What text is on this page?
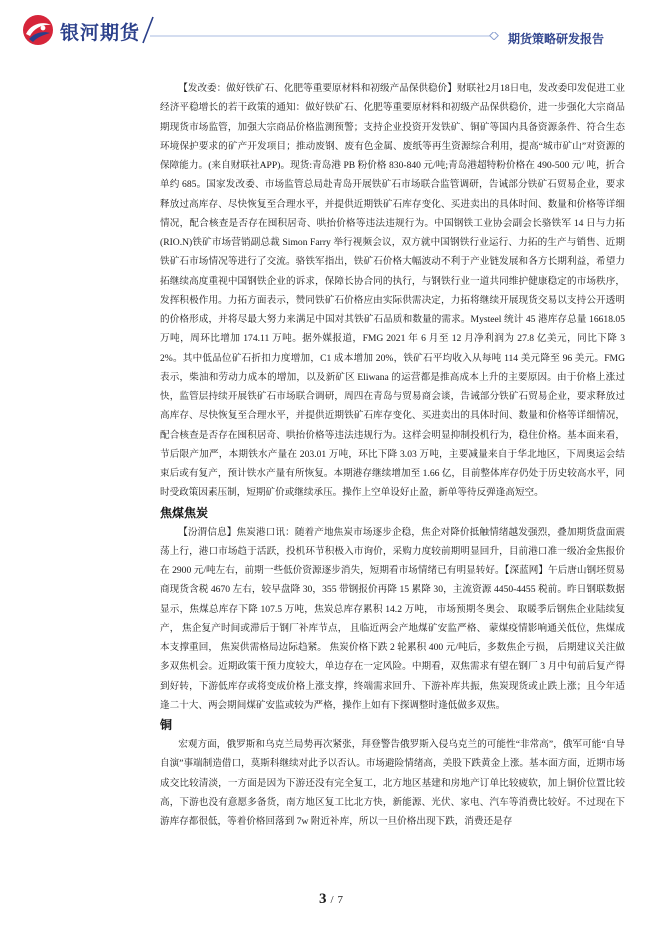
银河期货	期货策略研发报告

【发改委：做好铁矿石、化肥等重要原材料和初级产品保供稳价】财联社2月18日电，发改委印发促进工业经济平稳增长的若干政策的通知：做好铁矿石、化肥等重要原材料和初级产品保供稳价，进一步强化大宗商品期现货市场监管，加强大宗商品价格监测预警；支持企业投资开发铁矿、铜矿等国内具备资源条件、符合生态环境保护要求的矿产开发项目；推动废钢、废有色金属、废纸等再生资源综合利用，提高“城市矿山”对资源的保障能力。(来自财联社APP)。现货:青岛港 PB 粉价格 830-840 元/吨;青岛港超特粉价格在 490-500 元/ 吨，折合单约 685。国家发改委、市场监管总局赴青岛开展铁矿石市场联合监管调研，告诫部分铁矿石贸易企业，要求释放过高库存、尽快恢复至合理水平，并提供近期铁矿石库存变化、买进卖出的具体时间、数量和价格等详细情况，配合核查是否存在囤积居奇、哄抬价格等违法违规行为。中国钢铁工业协会副会长骆铁军 14 日与力拓(RIO.N)铁矿市场营销副总裁 Simon Farry 举行视频会议，双方就中国钢铁行业运行、力拓的生产与销售、近期铁矿石市场情况等进行了交流。骆铁军指出，铁矿石价格大幅波动不利于产业链发展和各方长期利益，希望力拓继续高度重视中国钢铁企业的诉求，保障长协合同的执行，与钢铁行业一道共同维护健康稳定的市场秩序，发挥积极作用。力拓方面表示，赞同铁矿石价格应由实际供需决定，力拓将继续开展现货交易以支持公开透明的价格形成，并将尽最大努力来满足中国对其铁矿石品质和数量的需求。Mysteel 统计 45 港库存总量 16618.05 万吨，周环比增加 174.11 万吨。据外媒报道，FMG 2021 年 6 月至 12 月净利润为 27.8 亿美元，同比下降 32%。其中低品位矿石折扣力度增加，C1 成本增加 20%，铁矿石平均收入从每吨 114 美元降至 96 美元。FMG 表示，柴油和劳动力成本的增加，以及新矿区 Eliwana 的运营都是推高成本上升的主要原因。由于价格上涨过快，监管层持续开展铁矿石市场联合调研，周四在青岛与贸易商会谈，告诫部分铁矿石贸易企业，要求释放过高库存、尽快恢复至合理水平，并提供近期铁矿石库存变化、买进卖出的具体时间、数量和价格等详细情况，配合核查是否存在囤积居奇、哄抬价格等违法违规行为。这样会明显抑制投机行为，稳住价格。基本面来看，节后限产加严，本期铁水产量在 203.01 万吨，环比下降 3.03 万吨，主要减量来自于华北地区，下周奥运会结束后或有复产，预计铁水产量有所恢复。本期港存继续增加至 1.66 亿，目前整体库存仍处于历史较高水平，同时受政策因素压制，短期矿价或继续承压。操作上空单设好止盈，新单等待反弹逢高短空。

焦煤焦炭

【汾渭信息】焦炭港口讯：随着产地焦炭市场逐步企稳，焦企对降价抵触情绪越发强烈，叠加期货盘面震荡上行，港口市场趋于活跃，投机环节积极入市询价，采购力度较前期明显回升，目前港口准一级冶金焦报价在 2900 元/吨左右，前期一些低价资源逐步消失，短期看市场情绪已有明显转好。【深蓝网】午后唐山钢坯贸易商现货含税 4670 左右，较早盘降 30，355 带钢报价再降 15 累降 30，主流资源 4450-4455 税前。昨日钢联数据显示，焦煤总库存下降 107.5 万吨，焦炭总库存累积 14.2 万吨， 市场预期冬奥会、 取暖季后钢焦企业陆续复产， 焦企复产时间或滞后于钢厂补库节点， 且临近两会产地煤矿安监严格、 蒙煤疫情影响通关低位，焦煤成本支撑重回， 焦炭供需格局边际趋紧。 焦炭价格下跌 2 轮累积 400 元/吨后，多数焦企亏损， 后期建议关注做多双焦机会。近期政策干预力度较大，单边存在一定风险。中期看，双焦需求有望在钢厂 3 月中旬前后复产得到好转，下游低库存或将变成价格上涨支撑，终端需求回升、下游补库共振，焦炭现货或止跌上涨；且今年适逢二十大、两会期间煤矿安监或较为严格，操作上如有下探调整时逢低做多双焦。

铜

宏观方面，俄罗斯和乌克兰局势再次紧张，拜登警告俄罗斯入侵乌克兰的可能性“非常高”，俄军可能“自导自演”事端制造借口，莫斯科继续对此予以否认。市场避险情绪高，美股下跌黄金上涨。基本面方面，近期市场成交比较清淡，一方面是因为下游还没有完全复工，北方地区基建和房地产订单比较疲软，加上铜价位置比较高，下游也没有意愿多备货，南方地区复工比北方快，新能源、光伏、家电、汽车等消费比较好。不过现在下游库存都很低，等着价格回落到 7w 附近补库，所以一旦价格出现下跌，消费还是存

3 / 7
